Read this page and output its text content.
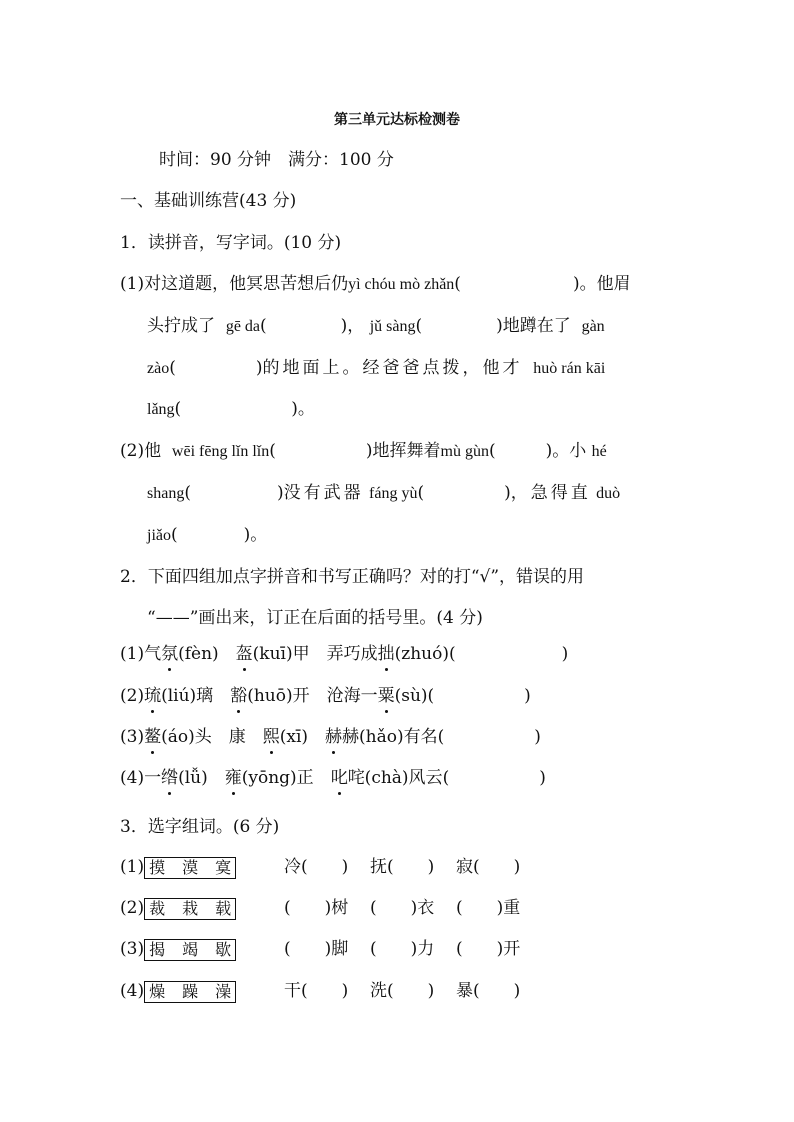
第三单元达标检测卷
时间：90 分钟　满分：100 分
一、基础训练营(43 分)
1．读拼音，写字词。(10 分)
(1)对这道题，他冥思苦想后仍yì chóu mò zhǎn(	)。他眉
头拧成了 gē da(	)， jǔ sàng(	)地蹲在了 gàn
zào(	)的地面上。经爸爸点拨，他才 huò rán kāi
lǎng(	)。
(2)他 wēi fēng lǐn lǐn(	)地挥舞着mù gùn(	)。小 hé
shang(	)没有武器 fáng yù(	)，急得直 duò
jiǎo(	)。
2．下面四组加点字拼音和书写正确吗？对的打“√”，错误的用
“——”画出来，订正在后面的括号里。(4 分)
(1)气氛(fèn)　盔(kuī)甲　弄巧成拙(zhuó)(	)
(2)琉(liú)璃　豁(huō)开　沧海一粟(sù)(	)
(3)鳌(áo)头　康　熙(xī)　赫赫(hǎo)有名(	)
(4)一绺(lǚ)　雍(yōng)正　叱咤(chà)风云(	)
3．选字组词。(6 分)
(1) 摸 漠 寞	冷(　　) 抚(　　) 寂(　　)
(2) 裁 栽 载	(　　)树 (　　)衣 (　　)重
(3) 揭 竭 歇	(　　)脚 (　　)力 (　　)开
(4) 燥 躁 澡	干(　　) 洗(　　) 暴(　　)
